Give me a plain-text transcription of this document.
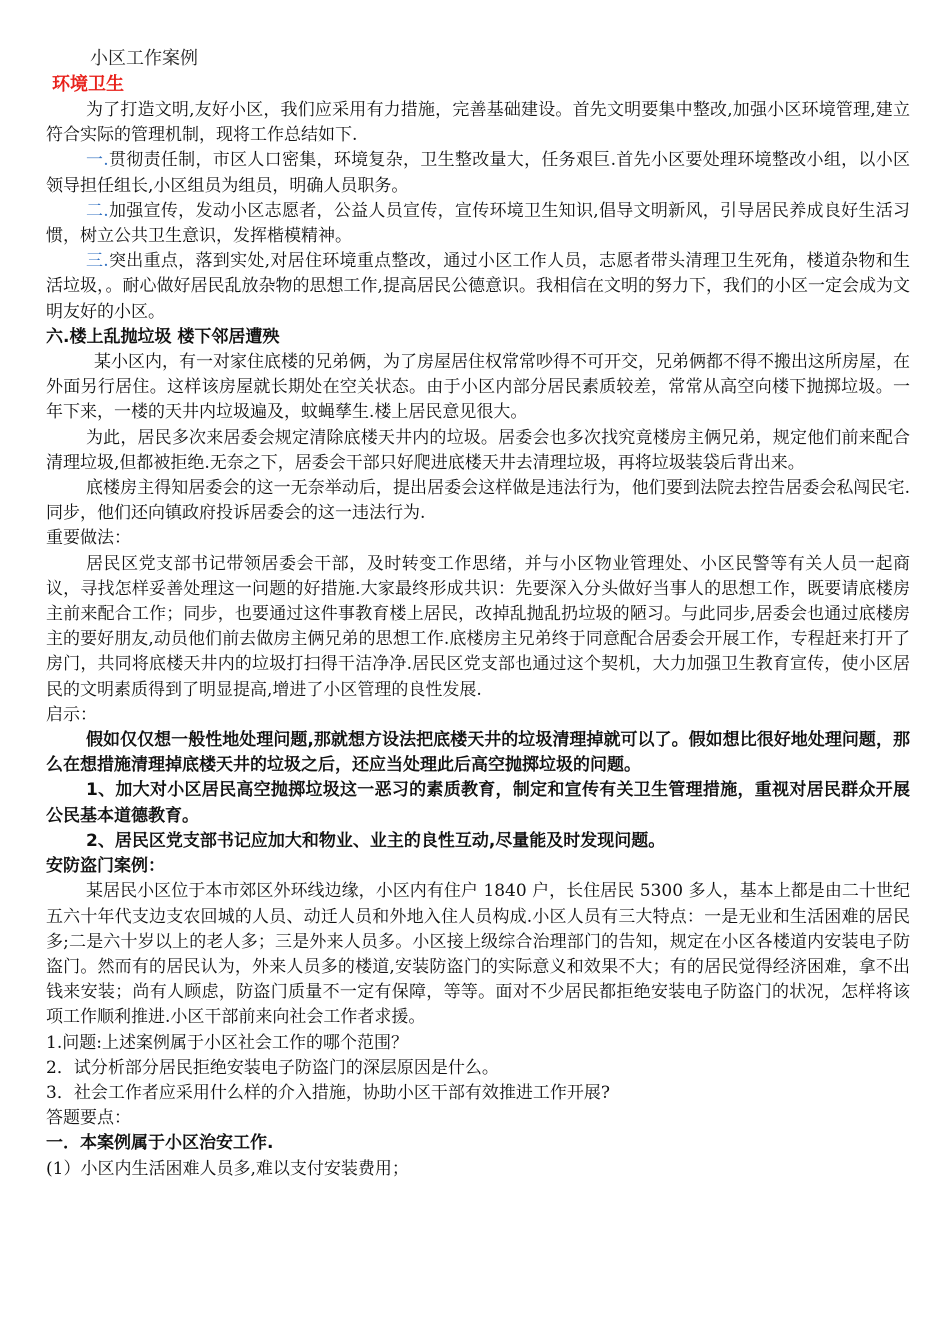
小区工作案例
环境卫生

为了打造文明,友好小区，我们应采用有力措施，完善基础建设。首先文明要集中整改,加强小区环境管理,建立符合实际的管理机制，现将工作总结如下.

一.贯彻责任制，市区人口密集，环境复杂，卫生整改量大，任务艰巨.首先小区要处理环境整改小组，以小区领导担任组长,小区组员为组员，明确人员职务。

二.加强宣传，发动小区志愿者，公益人员宣传，宣传环境卫生知识,倡导文明新风，引导居民养成良好生活习惯，树立公共卫生意识，发挥楷模精神。

三.突出重点，落到实处,对居住环境重点整改，通过小区工作人员，志愿者带头清理卫生死角，楼道杂物和生活垃圾，。耐心做好居民乱放杂物的思想工作,提高居民公德意识。我相信在文明的努力下，我们的小区一定会成为文明友好的小区。

六.楼上乱抛垃圾 楼下邻居遭殃

某小区内，有一对家住底楼的兄弟俩，为了房屋居住权常常吵得不可开交，兄弟俩都不得不搬出这所房屋，在外面另行居住。这样该房屋就长期处在空关状态。由于小区内部分居民素质较差，常常从高空向楼下抛掷垃圾。一年下来，一楼的天井内垃圾遍及，蚊蝇孳生.楼上居民意见很大。

为此，居民多次来居委会规定清除底楼天井内的垃圾。居委会也多次找究竟楼房主俩兄弟，规定他们前来配合清理垃圾,但都被拒绝.无奈之下，居委会干部只好爬进底楼天井去清理垃圾，再将垃圾装袋后背出来。

底楼房主得知居委会的这一无奈举动后，提出居委会这样做是违法行为，他们要到法院去控告居委会私闯民宅.同步，他们还向镇政府投诉居委会的这一违法行为.

重要做法：

居民区党支部书记带领居委会干部，及时转变工作思绪，并与小区物业管理处、小区民警等有关人员一起商议，寻找怎样妥善处理这一问题的好措施.大家最终形成共识：先要深入分头做好当事人的思想工作，既要请底楼房主前来配合工作；同步，也要通过这件事教育楼上居民，改掉乱抛乱扔垃圾的陋习。与此同步,居委会也通过底楼房主的要好朋友,动员他们前去做房主俩兄弟的思想工作.底楼房主兄弟终于同意配合居委会开展工作，专程赶来打开了房门，共同将底楼天井内的垃圾打扫得干洁净净.居民区党支部也通过这个契机，大力加强卫生教育宣传，使小区居民的文明素质得到了明显提高,增进了小区管理的良性发展.

启示：

假如仅仅想一般性地处理问题,那就想方设法把底楼天井的垃圾清理掉就可以了。假如想比很好地处理问题，那么在想措施清理掉底楼天井的垃圾之后，还应当处理此后高空抛掷垃圾的问题。

1、加大对小区居民高空抛掷垃圾这一恶习的素质教育，制定和宣传有关卫生管理措施，重视对居民群众开展公民基本道德教育。

2、居民区党支部书记应加大和物业、业主的良性互动,尽量能及时发现问题。

安防盗门案例：

某居民小区位于本市郊区外环线边缘，小区内有住户 1840 户，长住居民 5300 多人，基本上都是由二十世纪五六十年代支边支农回城的人员、动迁人员和外地入住人员构成.小区人员有三大特点：一是无业和生活困难的居民多;二是六十岁以上的老人多；三是外来人员多。小区接上级综合治理部门的告知，规定在小区各楼道内安装电子防盗门。然而有的居民认为，外来人员多的楼道,安装防盗门的实际意义和效果不大；有的居民觉得经济困难，拿不出钱来安装；尚有人顾虑，防盗门质量不一定有保障，等等。面对不少居民都拒绝安装电子防盗门的状况，怎样将该项工作顺利推进.小区干部前来向社会工作者求援。

1.问题:上述案例属于小区社会工作的哪个范围？

2．试分析部分居民拒绝安装电子防盗门的深层原因是什么。

3．社会工作者应采用什么样的介入措施，协助小区干部有效推进工作开展?

答题要点：

一．本案例属于小区治安工作.

(1）小区内生活困难人员多,难以支付安装费用；
